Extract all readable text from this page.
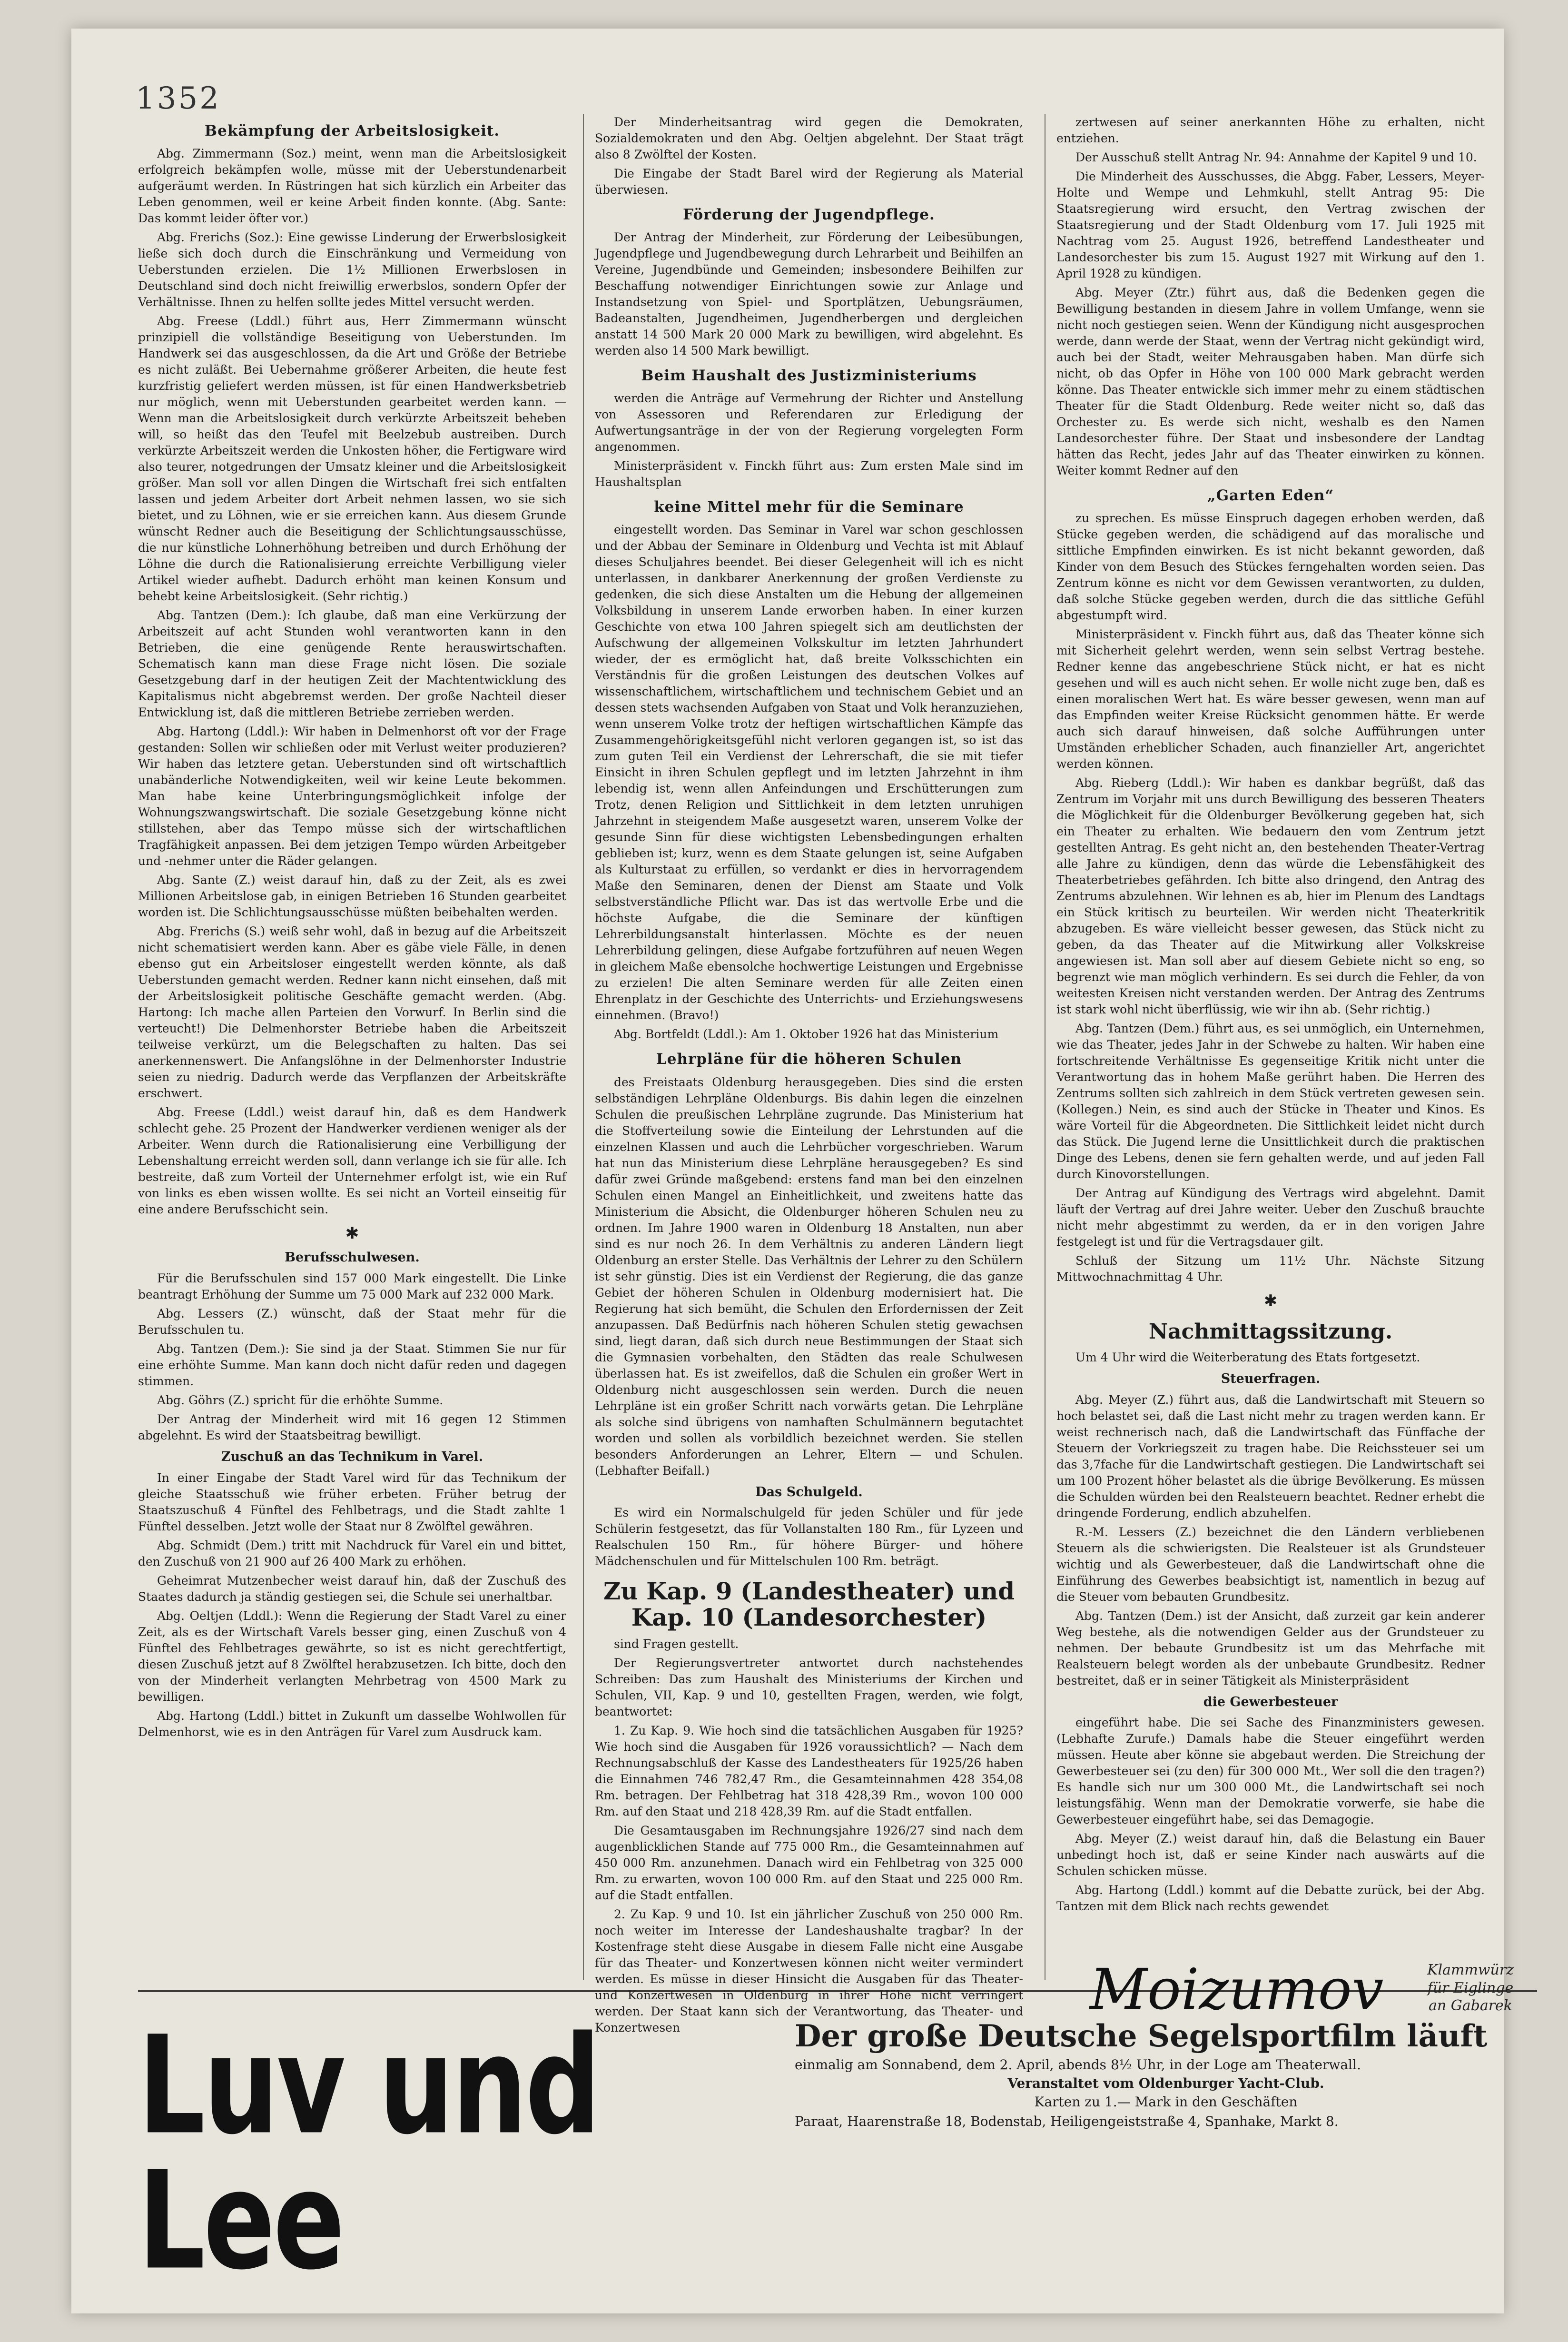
1352
Bekämpfung der Arbeitslosigkeit.

Abg. Zimmermann (Soz.) meint, wenn man die Arbeitslosigkeit erfolgreich bekämpfen wolle, müsse mit der Ueberstundenarbeit aufgeräumt werden. In Rüstringen hat sich kürzlich ein Arbeiter das Leben genommen, weil er keine Arbeit finden konnte. (Abg. Sante: Das kommt leider öfter vor.)

Abg. Frerichs (Soz.): Eine gewisse Linderung der Erwerbslosigkeit ließe sich doch durch die Einschränkung und Vermeidung von Ueberstunden erzielen. Die 1½ Millionen Erwerbslosen in Deutschland sind doch nicht freiwillig erwerbslos, sondern Opfer der Verhältnisse. Ihnen zu helfen sollte jedes Mittel versucht werden.

Abg. Freese (Lddl.) führt aus, Herr Zimmermann wünscht prinzipiell die vollständige Beseitigung von Ueberstunden. Im Handwerk sei das ausgeschlossen, da die Art und Größe der Betriebe es nicht zuläßt. Bei Uebernahme größerer Arbeiten, die heute fest kurzfristig geliefert werden müssen, ist für einen Handwerksbetrieb nur möglich, wenn mit Ueberstunden gearbeitet werden kann. — Wenn man die Arbeitslosigkeit durch verkürzte Arbeitszeit beheben will, so heißt das den Teufel mit Beelzebub austreiben. Durch verkürzte Arbeitszeit werden die Unkosten höher, die Fertigware wird also teurer, notgedrungen der Umsatz kleiner und die Arbeitslosigkeit größer. Man soll vor allen Dingen die Wirtschaft frei sich entfalten lassen und jedem Arbeiter dort Arbeit nehmen lassen, wo sie sich bietet, und zu Löhnen, wie er sie erreichen kann. Aus diesem Grunde wünscht Redner auch die Beseitigung der Schlichtungsausschüsse, die nur künstliche Lohnerhöhung betreiben und durch Erhöhung der Löhne die durch die Rationalisierung erreichte Verbilligung vieler Artikel wieder aufhebt. Dadurch erhöht man keinen Konsum und behebt keine Arbeitslosigkeit. (Sehr richtig.)

Abg. Tantzen (Dem.): Ich glaube, daß man eine Verkürzung der Arbeitszeit auf acht Stunden wohl verantworten kann in den Betrieben, die eine genügende Rente herauswirtschaften. Schematisch kann man diese Frage nicht lösen. Die soziale Gesetzgebung darf in der heutigen Zeit der Machtentwicklung des Kapitalismus nicht abgebremst werden. Der große Nachteil dieser Entwicklung ist, daß die mittleren Betriebe zerrieben werden.

Abg. Hartong (Lddl.): Wir haben in Delmenhorst oft vor der Frage gestanden: Sollen wir schließen oder mit Verlust weiter produzieren? Wir haben das letztere getan. Ueberstunden sind oft wirtschaftlich unabänderliche Notwendigkeiten, weil wir keine Leute bekommen. Man habe keine Unterbringungsmöglichkeit infolge der Wohnungszwangswirtschaft. Die soziale Gesetzgebung könne nicht stillstehen, aber das Tempo müsse sich der wirtschaftlichen Tragfähigkeit anpassen. Bei dem jetzigen Tempo würden Arbeitgeber und -nehmer unter die Räder gelangen.

Abg. Sante (Z.) weist darauf hin, daß zu der Zeit, als es zwei Millionen Arbeitslose gab, in einigen Betrieben 16 Stunden gearbeitet worden ist. Die Schlichtungsausschüsse müßten beibehalten werden.

Abg. Frerichs (S.) weiß sehr wohl, daß in bezug auf die Arbeitszeit nicht schematisiert werden kann. Aber es gäbe viele Fälle, in denen ebenso gut ein Arbeitsloser eingestellt werden könnte, als daß Ueberstunden gemacht werden. Redner kann nicht einsehen, daß mit der Arbeitslosigkeit politische Geschäfte gemacht werden. (Abg. Hartong: Ich mache allen Parteien den Vorwurf. In Berlin sind die verteucht!) Die Delmenhorster Betriebe haben die Arbeitszeit teilweise verkürzt, um die Belegschaften zu halten. Das sei anerkennenswert. Die Anfangslöhne in der Delmenhorster Industrie seien zu niedrig. Dadurch werde das Verpflanzen der Arbeitskräfte erschwert.

Abg. Freese (Lddl.) weist darauf hin, daß es dem Handwerk schlecht gehe. 25 Prozent der Handwerker verdienen weniger als der Arbeiter. Wenn durch die Rationalisierung eine Verbilligung der Lebenshaltung erreicht werden soll, dann verlange ich sie für alle. Ich bestreite, daß zum Vorteil der Unternehmer erfolgt ist, wie ein Ruf von links es eben wissen wollte. Es sei nicht an Vorteil einseitig für eine andere Berufsschicht sein.

✱
Berufsschulwesen.

Für die Berufsschulen sind 157 000 Mark eingestellt. Die Linke beantragt Erhöhung der Summe um 75 000 Mark auf 232 000 Mark.

Abg. Lessers (Z.) wünscht, daß der Staat mehr für die Berufsschulen tu.

Abg. Tantzen (Dem.): Sie sind ja der Staat. Stimmen Sie nur für eine erhöhte Summe. Man kann doch nicht dafür reden und dagegen stimmen.

Abg. Göhrs (Z.) spricht für die erhöhte Summe.

Der Antrag der Minderheit wird mit 16 gegen 12 Stimmen abgelehnt. Es wird der Staatsbeitrag bewilligt.

Zuschuß an das Technikum in Varel.

In einer Eingabe der Stadt Varel wird für das Technikum der gleiche Staatsschuß wie früher erbeten. Früher betrug der Staatszuschuß 4 Fünftel des Fehlbetrags, und die Stadt zahlte 1 Fünftel desselben. Jetzt wolle der Staat nur 8 Zwölftel gewähren.

Abg. Schmidt (Dem.) tritt mit Nachdruck für Varel ein und bittet, den Zuschuß von 21 900 auf 26 400 Mark zu erhöhen.

Geheimrat Mutzenbecher weist darauf hin, daß der Zuschuß des Staates dadurch ja ständig gestiegen sei, die Schule sei unerhaltbar.

Abg. Oeltjen (Lddl.): Wenn die Regierung der Stadt Varel zu einer Zeit, als es der Wirtschaft Varels besser ging, einen Zuschuß von 4 Fünftel des Fehlbetrages gewährte, so ist es nicht gerechtfertigt, diesen Zuschuß jetzt auf 8 Zwölftel herabzusetzen. Ich bitte, doch den von der Minderheit verlangten Mehrbetrag von 4500 Mark zu bewilligen.

Abg. Hartong (Lddl.) bittet in Zukunft um dasselbe Wohlwollen für Delmenhorst, wie es in den Anträgen für Varel zum Ausdruck kam.

Der Minderheitsantrag wird gegen die Demokraten, Sozialdemokraten und den Abg. Oeltjen abgelehnt. Der Staat trägt also 8 Zwölftel der Kosten.

Die Eingabe der Stadt Barel wird der Regierung als Material überwiesen.

Förderung der Jugendpflege.

Der Antrag der Minderheit, zur Förderung der Leibesübungen, Jugendpflege und Jugendbewegung durch Lehrarbeit und Beihilfen an Vereine, Jugendbünde und Gemeinden; insbesondere Beihilfen zur Beschaffung notwendiger Einrichtungen sowie zur Anlage und Instandsetzung von Spiel- und Sportplätzen, Uebungsräumen, Badeanstalten, Jugendheimen, Jugendherbergen und dergleichen anstatt 14 500 Mark 20 000 Mark zu bewilligen, wird abgelehnt. Es werden also 14 500 Mark bewilligt.

Beim Haushalt des Justizministeriums

werden die Anträge auf Vermehrung der Richter und Anstellung von Assessoren und Referendaren zur Erledigung der Aufwertungsanträge in der von der Regierung vorgelegten Form angenommen.

Ministerpräsident v. Finckh führt aus: Zum ersten Male sind im Haushaltsplan

keine Mittel mehr für die Seminare

eingestellt worden. Das Seminar in Varel war schon geschlossen und der Abbau der Seminare in Oldenburg und Vechta ist mit Ablauf dieses Schuljahres beendet. Bei dieser Gelegenheit will ich es nicht unterlassen, in dankbarer Anerkennung der großen Verdienste zu gedenken, die sich diese Anstalten um die Hebung der allgemeinen Volksbildung in unserem Lande erworben haben. In einer kurzen Geschichte von etwa 100 Jahren spiegelt sich am deutlichsten der Aufschwung der allgemeinen Volkskultur im letzten Jahrhundert wieder, der es ermöglicht hat, daß breite Volksschichten ein Verständnis für die großen Leistungen des deutschen Volkes auf wissenschaftlichem, wirtschaftlichem und technischem Gebiet und an dessen stets wachsenden Aufgaben von Staat und Volk heranzuziehen, wenn unserem Volke trotz der heftigen wirtschaftlichen Kämpfe das Zusammengehörigkeitsgefühl nicht verloren gegangen ist, so ist das zum guten Teil ein Verdienst der Lehrerschaft, die sie mit tiefer Einsicht in ihren Schulen gepflegt und im letzten Jahrzehnt in ihm lebendig ist, wenn allen Anfeindungen und Erschütterungen zum Trotz, denen Religion und Sittlichkeit in dem letzten unruhigen Jahrzehnt in steigendem Maße ausgesetzt waren, unserem Volke der gesunde Sinn für diese wichtigsten Lebensbedingungen erhalten geblieben ist; kurz, wenn es dem Staate gelungen ist, seine Aufgaben als Kulturstaat zu erfüllen, so verdankt er dies in hervorragendem Maße den Seminaren, denen der Dienst am Staate und Volk selbstverständliche Pflicht war. Das ist das wertvolle Erbe und die höchste Aufgabe, die die Seminare der künftigen Lehrerbildungsanstalt hinterlassen. Möchte es der neuen Lehrerbildung gelingen, diese Aufgabe fortzuführen auf neuen Wegen in gleichem Maße ebensolche hochwertige Leistungen und Ergebnisse zu erzielen! Die alten Seminare werden für alle Zeiten einen Ehrenplatz in der Geschichte des Unterrichts- und Erziehungswesens einnehmen. (Bravo!)

Abg. Bortfeldt (Lddl.): Am 1. Oktober 1926 hat das Ministerium

Lehrpläne für die höheren Schulen

des Freistaats Oldenburg herausgegeben. Dies sind die ersten selbständigen Lehrpläne Oldenburgs. Bis dahin legen die einzelnen Schulen die preußischen Lehrpläne zugrunde. Das Ministerium hat die Stoffverteilung sowie die Einteilung der Lehrstunden auf die einzelnen Klassen und auch die Lehrbücher vorgeschrieben. Warum hat nun das Ministerium diese Lehrpläne herausgegeben? Es sind dafür zwei Gründe maßgebend: erstens fand man bei den einzelnen Schulen einen Mangel an Einheitlichkeit, und zweitens hatte das Ministerium die Absicht, die Oldenburger höheren Schulen neu zu ordnen. Im Jahre 1900 waren in Oldenburg 18 Anstalten, nun aber sind es nur noch 26. In dem Verhältnis zu anderen Ländern liegt Oldenburg an erster Stelle. Das Verhältnis der Lehrer zu den Schülern ist sehr günstig. Dies ist ein Verdienst der Regierung, die das ganze Gebiet der höheren Schulen in Oldenburg modernisiert hat. Die Regierung hat sich bemüht, die Schulen den Erfordernissen der Zeit anzupassen. Daß Bedürfnis nach höheren Schulen stetig gewachsen sind, liegt daran, daß sich durch neue Bestimmungen der Staat sich die Gymnasien vorbehalten, den Städten das reale Schulwesen überlassen hat. Es ist zweifellos, daß die Schulen ein großer Wert in Oldenburg nicht ausgeschlossen sein werden. Durch die neuen Lehrpläne ist ein großer Schritt nach vorwärts getan. Die Lehrpläne als solche sind übrigens von namhaften Schulmännern begutachtet worden und sollen als vorbildlich bezeichnet werden. Sie stellen besonders Anforderungen an Lehrer, Eltern — und Schulen. (Lebhafter Beifall.)

Das Schulgeld.

Es wird ein Normalschulgeld für jeden Schüler und für jede Schülerin festgesetzt, das für Vollanstalten 180 Rm., für Lyzeen und Realschulen 150 Rm., für höhere Bürger- und höhere Mädchenschulen und für Mittelschulen 100 Rm. beträgt.

Zu Kap. 9 (Landestheater) und
Kap. 10 (Landesorchester)

sind Fragen gestellt.

Der Regierungsvertreter antwortet durch nachstehendes Schreiben: Das zum Haushalt des Ministeriums der Kirchen und Schulen, VII, Kap. 9 und 10, gestellten Fragen, werden, wie folgt, beantwortet:

1. Zu Kap. 9. Wie hoch sind die tatsächlichen Ausgaben für 1925? Wie hoch sind die Ausgaben für 1926 voraussichtlich? — Nach dem Rechnungsabschluß der Kasse des Landestheaters für 1925/26 haben die Einnahmen 746 782,47 Rm., die Gesamteinnahmen 428 354,08 Rm. betragen. Der Fehlbetrag hat 318 428,39 Rm., wovon 100 000 Rm. auf den Staat und 218 428,39 Rm. auf die Stadt entfallen.

Die Gesamtausgaben im Rechnungsjahre 1926/27 sind nach dem augenblicklichen Stande auf 775 000 Rm., die Gesamteinnahmen auf 450 000 Rm. anzunehmen. Danach wird ein Fehlbetrag von 325 000 Rm. zu erwarten, wovon 100 000 Rm. auf den Staat und 225 000 Rm. auf die Stadt entfallen.

2. Zu Kap. 9 und 10. Ist ein jährlicher Zuschuß von 250 000 Rm. noch weiter im Interesse der Landeshaushalte tragbar? In der Kostenfrage steht diese Ausgabe in diesem Falle nicht eine Ausgabe für das Theater- und Konzertwesen können nicht weiter vermindert werden. Es müsse in dieser Hinsicht die Ausgaben für das Theater- und Konzertwesen in Oldenburg in ihrer Höhe nicht verringert werden. Der Staat kann sich der Verantwortung, das Theater- und Konzertwesen

zertwesen auf seiner anerkannten Höhe zu erhalten, nicht entziehen.

Der Ausschuß stellt Antrag Nr. 94: Annahme der Kapitel 9 und 10.

Die Minderheit des Ausschusses, die Abgg. Faber, Lessers, Meyer-Holte und Wempe und Lehmkuhl, stellt Antrag 95: Die Staatsregierung wird ersucht, den Vertrag zwischen der Staatsregierung und der Stadt Oldenburg vom 17. Juli 1925 mit Nachtrag vom 25. August 1926, betreffend Landestheater und Landesorchester bis zum 15. August 1927 mit Wirkung auf den 1. April 1928 zu kündigen.

Abg. Meyer (Ztr.) führt aus, daß die Bedenken gegen die Bewilligung bestanden in diesem Jahre in vollem Umfange, wenn sie nicht noch gestiegen seien. Wenn der Kündigung nicht ausgesprochen werde, dann werde der Staat, wenn der Vertrag nicht gekündigt wird, auch bei der Stadt, weiter Mehrausgaben haben. Man dürfe sich nicht, ob das Opfer in Höhe von 100 000 Mark gebracht werden könne. Das Theater entwickle sich immer mehr zu einem städtischen Theater für die Stadt Oldenburg. Rede weiter nicht so, daß das Orchester zu. Es werde sich nicht, weshalb es den Namen Landesorchester führe. Der Staat und insbesondere der Landtag hätten das Recht, jedes Jahr auf das Theater einwirken zu können. Weiter kommt Redner auf den

„Garten Eden“

zu sprechen. Es müsse Einspruch dagegen erhoben werden, daß Stücke gegeben werden, die schädigend auf das moralische und sittliche Empfinden einwirken. Es ist nicht bekannt geworden, daß Kinder von dem Besuch des Stückes ferngehalten worden seien. Das Zentrum könne es nicht vor dem Gewissen verantworten, zu dulden, daß solche Stücke gegeben werden, durch die das sittliche Gefühl abgestumpft wird.

Ministerpräsident v. Finckh führt aus, daß das Theater könne sich mit Sicherheit gelehrt werden, wenn sein selbst Vertrag bestehe. Redner kenne das angebeschriene Stück nicht, er hat es nicht gesehen und will es auch nicht sehen. Er wolle nicht zuge ben, daß es einen moralischen Wert hat. Es wäre besser gewesen, wenn man auf das Empfinden weiter Kreise Rücksicht genommen hätte. Er werde auch sich darauf hinweisen, daß solche Aufführungen unter Umständen erheblicher Schaden, auch finanzieller Art, angerichtet werden können.

Abg. Rieberg (Lddl.): Wir haben es dankbar begrüßt, daß das Zentrum im Vorjahr mit uns durch Bewilligung des besseren Theaters die Möglichkeit für die Oldenburger Bevölkerung gegeben hat, sich ein Theater zu erhalten. Wie bedauern den vom Zentrum jetzt gestellten Antrag. Es geht nicht an, den bestehenden Theater-Vertrag alle Jahre zu kündigen, denn das würde die Lebensfähigkeit des Theaterbetriebes gefährden. Ich bitte also dringend, den Antrag des Zentrums abzulehnen. Wir lehnen es ab, hier im Plenum des Landtags ein Stück kritisch zu beurteilen. Wir werden nicht Theaterkritik abzugeben. Es wäre vielleicht besser gewesen, das Stück nicht zu geben, da das Theater auf die Mitwirkung aller Volkskreise angewiesen ist. Man soll aber auf diesem Gebiete nicht so eng, so begrenzt wie man möglich verhindern. Es sei durch die Fehler, da von weitesten Kreisen nicht verstanden werden. Der Antrag des Zentrums ist stark wohl nicht überflüssig, wie wir ihn ab. (Sehr richtig.)

Abg. Tantzen (Dem.) führt aus, es sei unmöglich, ein Unternehmen, wie das Theater, jedes Jahr in der Schwebe zu halten. Wir haben eine fortschreitende Verhältnisse Es gegenseitige Kritik nicht unter die Verantwortung das in hohem Maße gerührt haben. Die Herren des Zentrums sollten sich zahlreich in dem Stück vertreten gewesen sein. (Kollegen.) Nein, es sind auch der Stücke in Theater und Kinos. Es wäre Vorteil für die Abgeordneten. Die Sittlichkeit leidet nicht durch das Stück. Die Jugend lerne die Unsittlichkeit durch die praktischen Dinge des Lebens, denen sie fern gehalten werde, und auf jeden Fall durch Kinovorstellungen.

Der Antrag auf Kündigung des Vertrags wird abgelehnt. Damit läuft der Vertrag auf drei Jahre weiter. Ueber den Zuschuß brauchte nicht mehr abgestimmt zu werden, da er in den vorigen Jahre festgelegt ist und für die Vertragsdauer gilt.

Schluß der Sitzung um 11½ Uhr. Nächste Sitzung Mittwochnachmittag 4 Uhr.

✱
Nachmittagssitzung.

Um 4 Uhr wird die Weiterberatung des Etats fortgesetzt.

Steuerfragen.

Abg. Meyer (Z.) führt aus, daß die Landwirtschaft mit Steuern so hoch belastet sei, daß die Last nicht mehr zu tragen werden kann. Er weist rechnerisch nach, daß die Landwirtschaft das Fünffache der Steuern der Vorkriegszeit zu tragen habe. Die Reichssteuer sei um das 3,7fache für die Landwirtschaft gestiegen. Die Landwirtschaft sei um 100 Prozent höher belastet als die übrige Bevölkerung. Es müssen die Schulden würden bei den Realsteuern beachtet. Redner erhebt die dringende Forderung, endlich abzuhelfen.

R.-M. Lessers (Z.) bezeichnet die den Ländern verbliebenen Steuern als die schwierigsten. Die Realsteuer ist als Grundsteuer wichtig und als Gewerbesteuer, daß die Landwirtschaft ohne die Einführung des Gewerbes beabsichtigt ist, namentlich in bezug auf die Steuer vom bebauten Grundbesitz.

Abg. Tantzen (Dem.) ist der Ansicht, daß zurzeit gar kein anderer Weg bestehe, als die notwendigen Gelder aus der Grundsteuer zu nehmen. Der bebaute Grundbesitz ist um das Mehrfache mit Realsteuern belegt worden als der unbebaute Grundbesitz. Redner bestreitet, daß er in seiner Tätigkeit als Ministerpräsident

die Gewerbesteuer

eingeführt habe. Die sei Sache des Finanzministers gewesen. (Lebhafte Zurufe.) Damals habe die Steuer eingeführt werden müssen. Heute aber könne sie abgebaut werden. Die Streichung der Gewerbesteuer sei (zu den) für 300 000 Mt., Wer soll die den tragen?) Es handle sich nur um 300 000 Mt., die Landwirtschaft sei noch leistungsfähig. Wenn man der Demokratie vorwerfe, sie habe die Gewerbesteuer eingeführt habe, sei das Demagogie.

Abg. Meyer (Z.) weist darauf hin, daß die Belastung ein Bauer unbedingt hoch ist, daß er seine Kinder nach auswärts auf die Schulen schicken müsse.

Abg. Hartong (Lddl.) kommt auf die Debatte zurück, bei der Abg. Tantzen mit dem Blick nach rechts gewendet

Moizumov	Klammwürz für Eiglinge an Gabarek
Luv und Lee
Der große Deutsche Segelsportfilm läuft
einmalig am Sonnabend, dem 2. April, abends 8½ Uhr, in der Loge am Theaterwall.
Veranstaltet vom Oldenburger Yacht-Club.
Karten zu 1.— Mark in den Geschäften
Paraat, Haarenstraße 18, Bodenstab, Heiligengeiststraße 4, Spanhake, Markt 8.
